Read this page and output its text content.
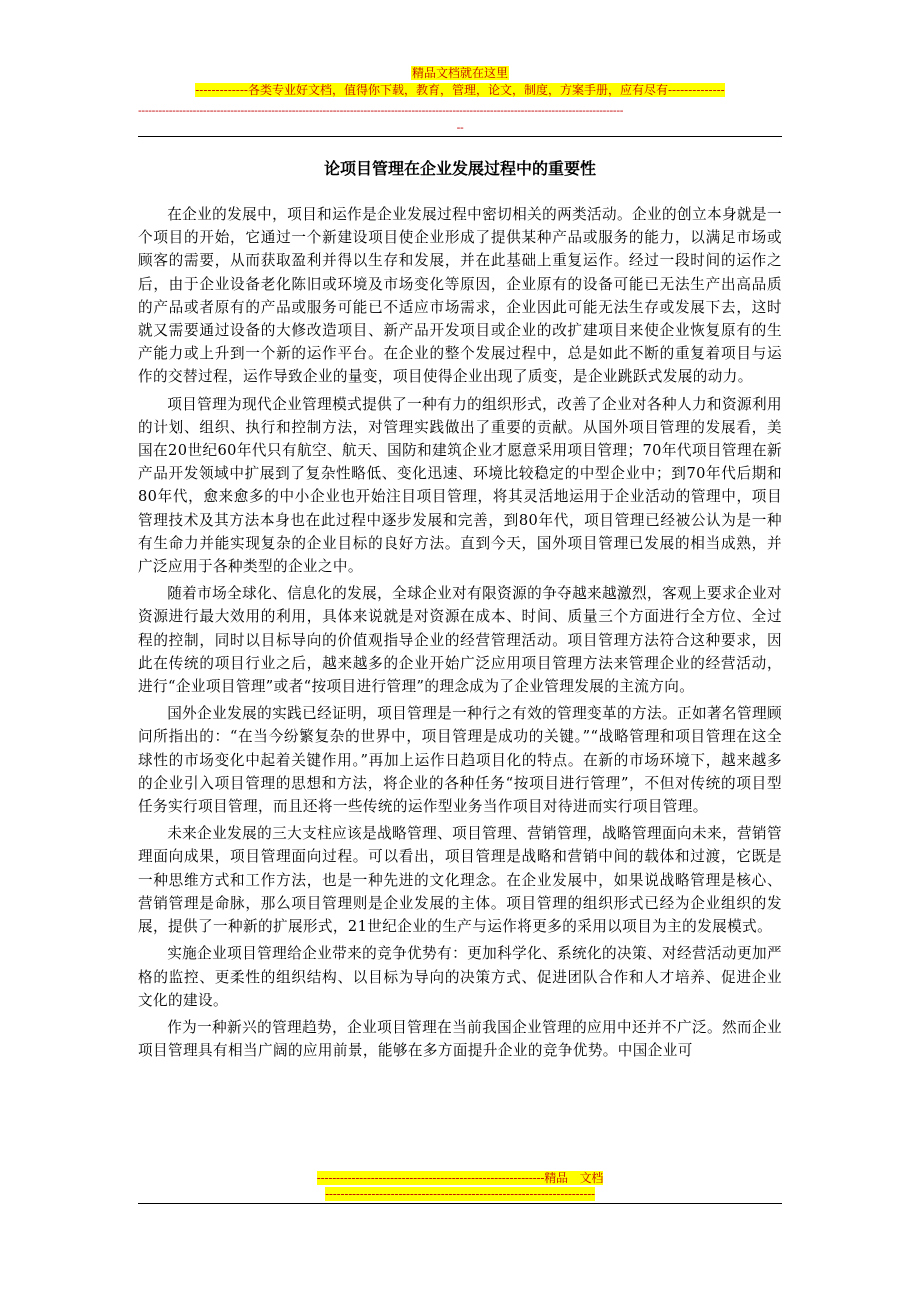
精品文档就在这里
-------------各类专业好文档，值得你下载，教育，管理，论文，制度，方案手册，应有尽有--------------
----------------------------------------------------------------------------------------------------------------------------------------------
--
论项目管理在企业发展过程中的重要性

在企业的发展中，项目和运作是企业发展过程中密切相关的两类活动。企业的创立本身就是一个项目的开始，它通过一个新建设项目使企业形成了提供某种产品或服务的能力，以满足市场或顾客的需要，从而获取盈利并得以生存和发展，并在此基础上重复运作。经过一段时间的运作之后，由于企业设备老化陈旧或环境及市场变化等原因，企业原有的设备可能已无法生产出高品质的产品或者原有的产品或服务可能已不适应市场需求，企业因此可能无法生存或发展下去，这时就又需要通过设备的大修改造项目、新产品开发项目或企业的改扩建项目来使企业恢复原有的生产能力或上升到一个新的运作平台。在企业的整个发展过程中，总是如此不断的重复着项目与运作的交替过程，运作导致企业的量变，项目使得企业出现了质变，是企业跳跃式发展的动力。

项目管理为现代企业管理模式提供了一种有力的组织形式，改善了企业对各种人力和资源利用的计划、组织、执行和控制方法，对管理实践做出了重要的贡献。从国外项目管理的发展看，美国在20世纪60年代只有航空、航天、国防和建筑企业才愿意采用项目管理；70年代项目管理在新产品开发领域中扩展到了复杂性略低、变化迅速、环境比较稳定的中型企业中；到70年代后期和80年代，愈来愈多的中小企业也开始注目项目管理，将其灵活地运用于企业活动的管理中，项目管理技术及其方法本身也在此过程中逐步发展和完善，到80年代，项目管理已经被公认为是一种有生命力并能实现复杂的企业目标的良好方法。直到今天，国外项目管理已发展的相当成熟，并广泛应用于各种类型的企业之中。

随着市场全球化、信息化的发展，全球企业对有限资源的争夺越来越激烈，客观上要求企业对资源进行最大效用的利用，具体来说就是对资源在成本、时间、质量三个方面进行全方位、全过程的控制，同时以目标导向的价值观指导企业的经营管理活动。项目管理方法符合这种要求，因此在传统的项目行业之后，越来越多的企业开始广泛应用项目管理方法来管理企业的经营活动，进行“企业项目管理”或者“按项目进行管理”的理念成为了企业管理发展的主流方向。

国外企业发展的实践已经证明，项目管理是一种行之有效的管理变革的方法。正如著名管理顾问所指出的：“在当今纷繁复杂的世界中，项目管理是成功的关键。”“战略管理和项目管理在这全球性的市场变化中起着关键作用。”再加上运作日趋项目化的特点。在新的市场环境下，越来越多的企业引入项目管理的思想和方法，将企业的各种任务“按项目进行管理”，不但对传统的项目型任务实行项目管理，而且还将一些传统的运作型业务当作项目对待进而实行项目管理。

未来企业发展的三大支柱应该是战略管理、项目管理、营销管理，战略管理面向未来，营销管理面向成果，项目管理面向过程。可以看出，项目管理是战略和营销中间的载体和过渡，它既是一种思维方式和工作方法，也是一种先进的文化理念。在企业发展中，如果说战略管理是核心、营销管理是命脉，那么项目管理则是企业发展的主体。项目管理的组织形式已经为企业组织的发展，提供了一种新的扩展形式，21世纪企业的生产与运作将更多的采用以项目为主的发展模式。

实施企业项目管理给企业带来的竞争优势有：更加科学化、系统化的决策、对经营活动更加严格的监控、更柔性的组织结构、以目标为导向的决策方式、促进团队合作和人才培养、促进企业文化的建设。

作为一种新兴的管理趋势，企业项目管理在当前我国企业管理的应用中还并不广泛。然而企业项目管理具有相当广阔的应用前景，能够在多方面提升企业的竞争优势。中国企业可

-----------------------------------------------------------精品　文档
----------------------------------------------------------------------
